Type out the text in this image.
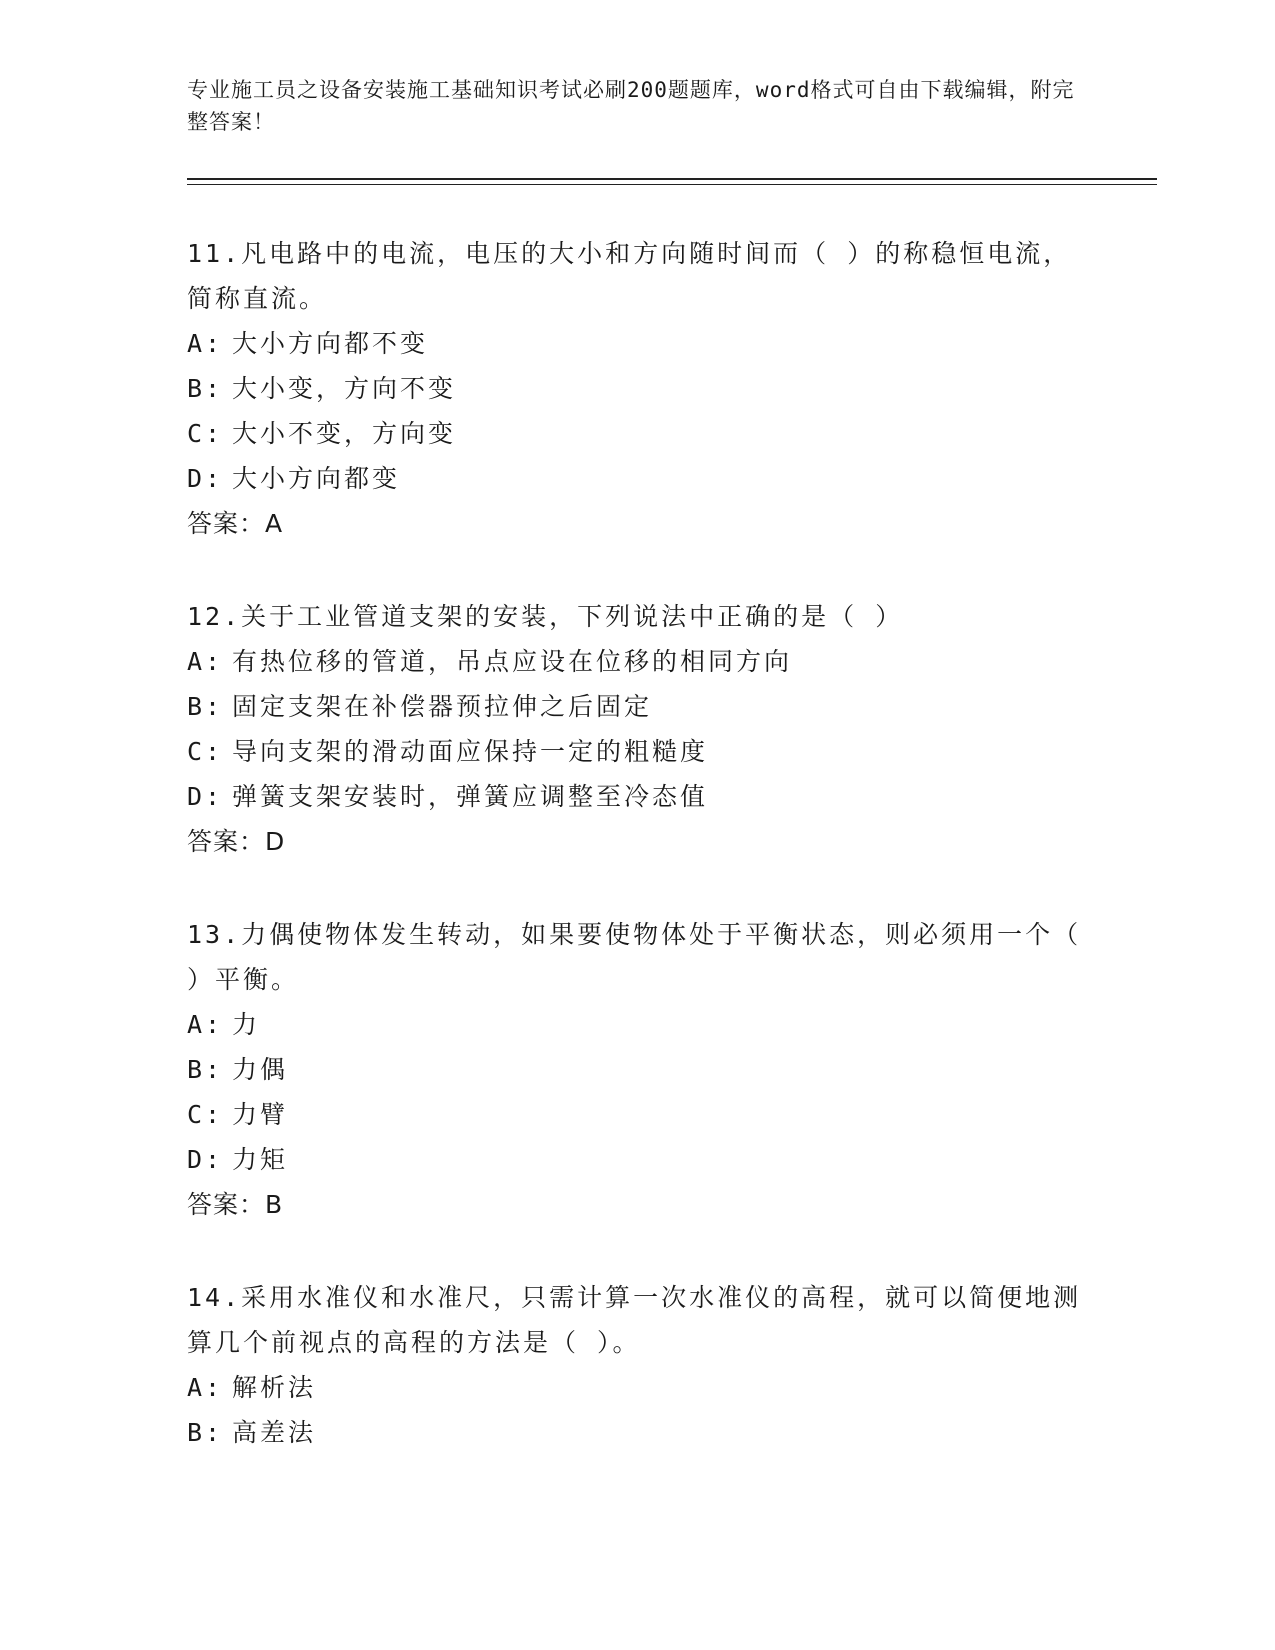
专业施工员之设备安装施工基础知识考试必刷200题题库，word格式可自由下载编辑，附完整答案！
11.凡电路中的电流，电压的大小和方向随时间而（ ）的称稳恒电流，简称直流。
A: 大小方向都不变
B: 大小变，方向不变
C: 大小不变，方向变
D: 大小方向都变
答案：A
12.关于工业管道支架的安装，下列说法中正确的是（ ）
A: 有热位移的管道，吊点应设在位移的相同方向
B: 固定支架在补偿器预拉伸之后固定
C: 导向支架的滑动面应保持一定的粗糙度
D: 弹簧支架安装时，弹簧应调整至冷态值
答案：D
13.力偶使物体发生转动，如果要使物体处于平衡状态，则必须用一个（ ）平衡。
A: 力
B: 力偶
C: 力臂
D: 力矩
答案：B
14.采用水准仪和水准尺，只需计算一次水准仪的高程，就可以简便地测算几个前视点的高程的方法是（ ）。
A: 解析法
B: 高差法
